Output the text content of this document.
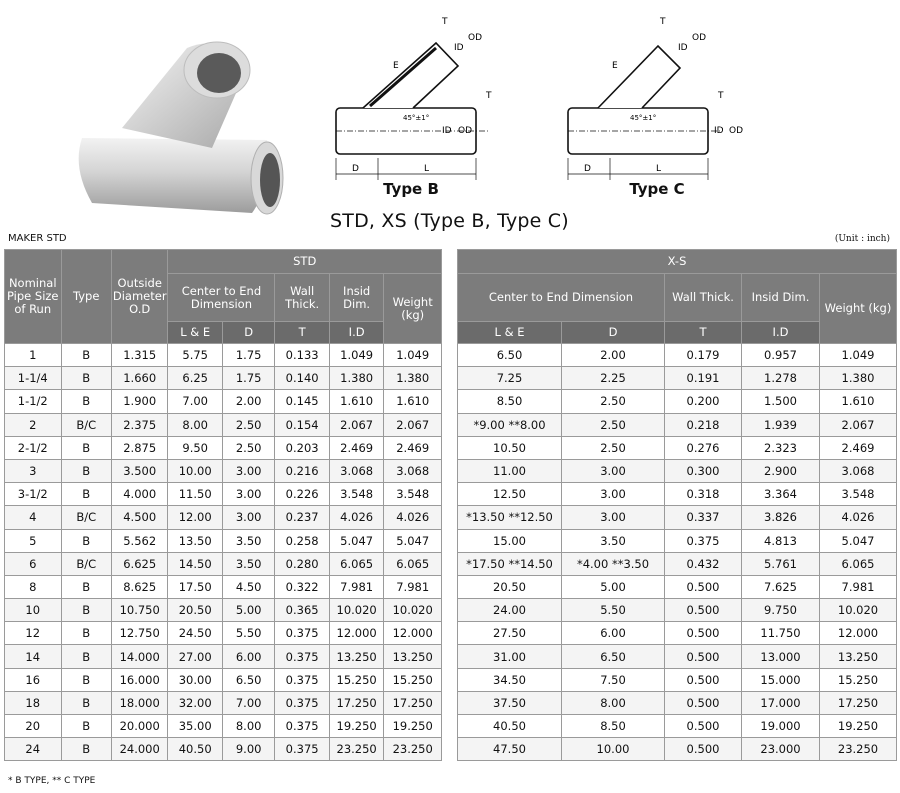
D	L
ID OD
T
E
T
ID
OD
45°±1°
D	L
ID OD
T
E
T
ID
OD
45°±1°
Type B	Type C
STD, XS (Type B, Type C)
MAKER STD	(Unit : inch)
Nominal Pipe Size of Run	Type	Outside Diameter O.D	STD				
			Center to End Dimension		Wall Thick.	Insid Dim.	Weight (kg)
			L & E	D	T	I.D	
1	B	1.315	5.75	1.75	0.133	1.049	1.049
1-1/4	B	1.660	6.25	1.75	0.140	1.380	1.380
1-1/2	B	1.900	7.00	2.00	0.145	1.610	1.610
2	B/C	2.375	8.00	2.50	0.154	2.067	2.067
2-1/2	B	2.875	9.50	2.50	0.203	2.469	2.469
3	B	3.500	10.00	3.00	0.216	3.068	3.068
3-1/2	B	4.000	11.50	3.00	0.226	3.548	3.548
4	B/C	4.500	12.00	3.00	0.237	4.026	4.026
5	B	5.562	13.50	3.50	0.258	5.047	5.047
6	B/C	6.625	14.50	3.50	0.280	6.065	6.065
8	B	8.625	17.50	4.50	0.322	7.981	7.981
10	B	10.750	20.50	5.00	0.365	10.020	10.020
12	B	12.750	24.50	5.50	0.375	12.000	12.000
14	B	14.000	27.00	6.00	0.375	13.250	13.250
16	B	16.000	30.00	6.50	0.375	15.250	15.250
18	B	18.000	32.00	7.00	0.375	17.250	17.250
20	B	20.000	35.00	8.00	0.375	19.250	19.250
24	B	24.000	40.50	9.00	0.375	23.250	23.250
X-S				
Center to End Dimension		Wall Thick.	Insid Dim.	Weight (kg)
L & E	D	T	I.D	
6.50	2.00	0.179	0.957	1.049
7.25	2.25	0.191	1.278	1.380
8.50	2.50	0.200	1.500	1.610
*9.00 **8.00	2.50	0.218	1.939	2.067
10.50	2.50	0.276	2.323	2.469
11.00	3.00	0.300	2.900	3.068
12.50	3.00	0.318	3.364	3.548
*13.50 **12.50	3.00	0.337	3.826	4.026
15.00	3.50	0.375	4.813	5.047
*17.50 **14.50	*4.00 **3.50	0.432	5.761	6.065
20.50	5.00	0.500	7.625	7.981
24.00	5.50	0.500	9.750	10.020
27.50	6.00	0.500	11.750	12.000
31.00	6.50	0.500	13.000	13.250
34.50	7.50	0.500	15.000	15.250
37.50	8.00	0.500	17.000	17.250
40.50	8.50	0.500	19.000	19.250
47.50	10.00	0.500	23.000	23.250
* B TYPE, ** C TYPE
